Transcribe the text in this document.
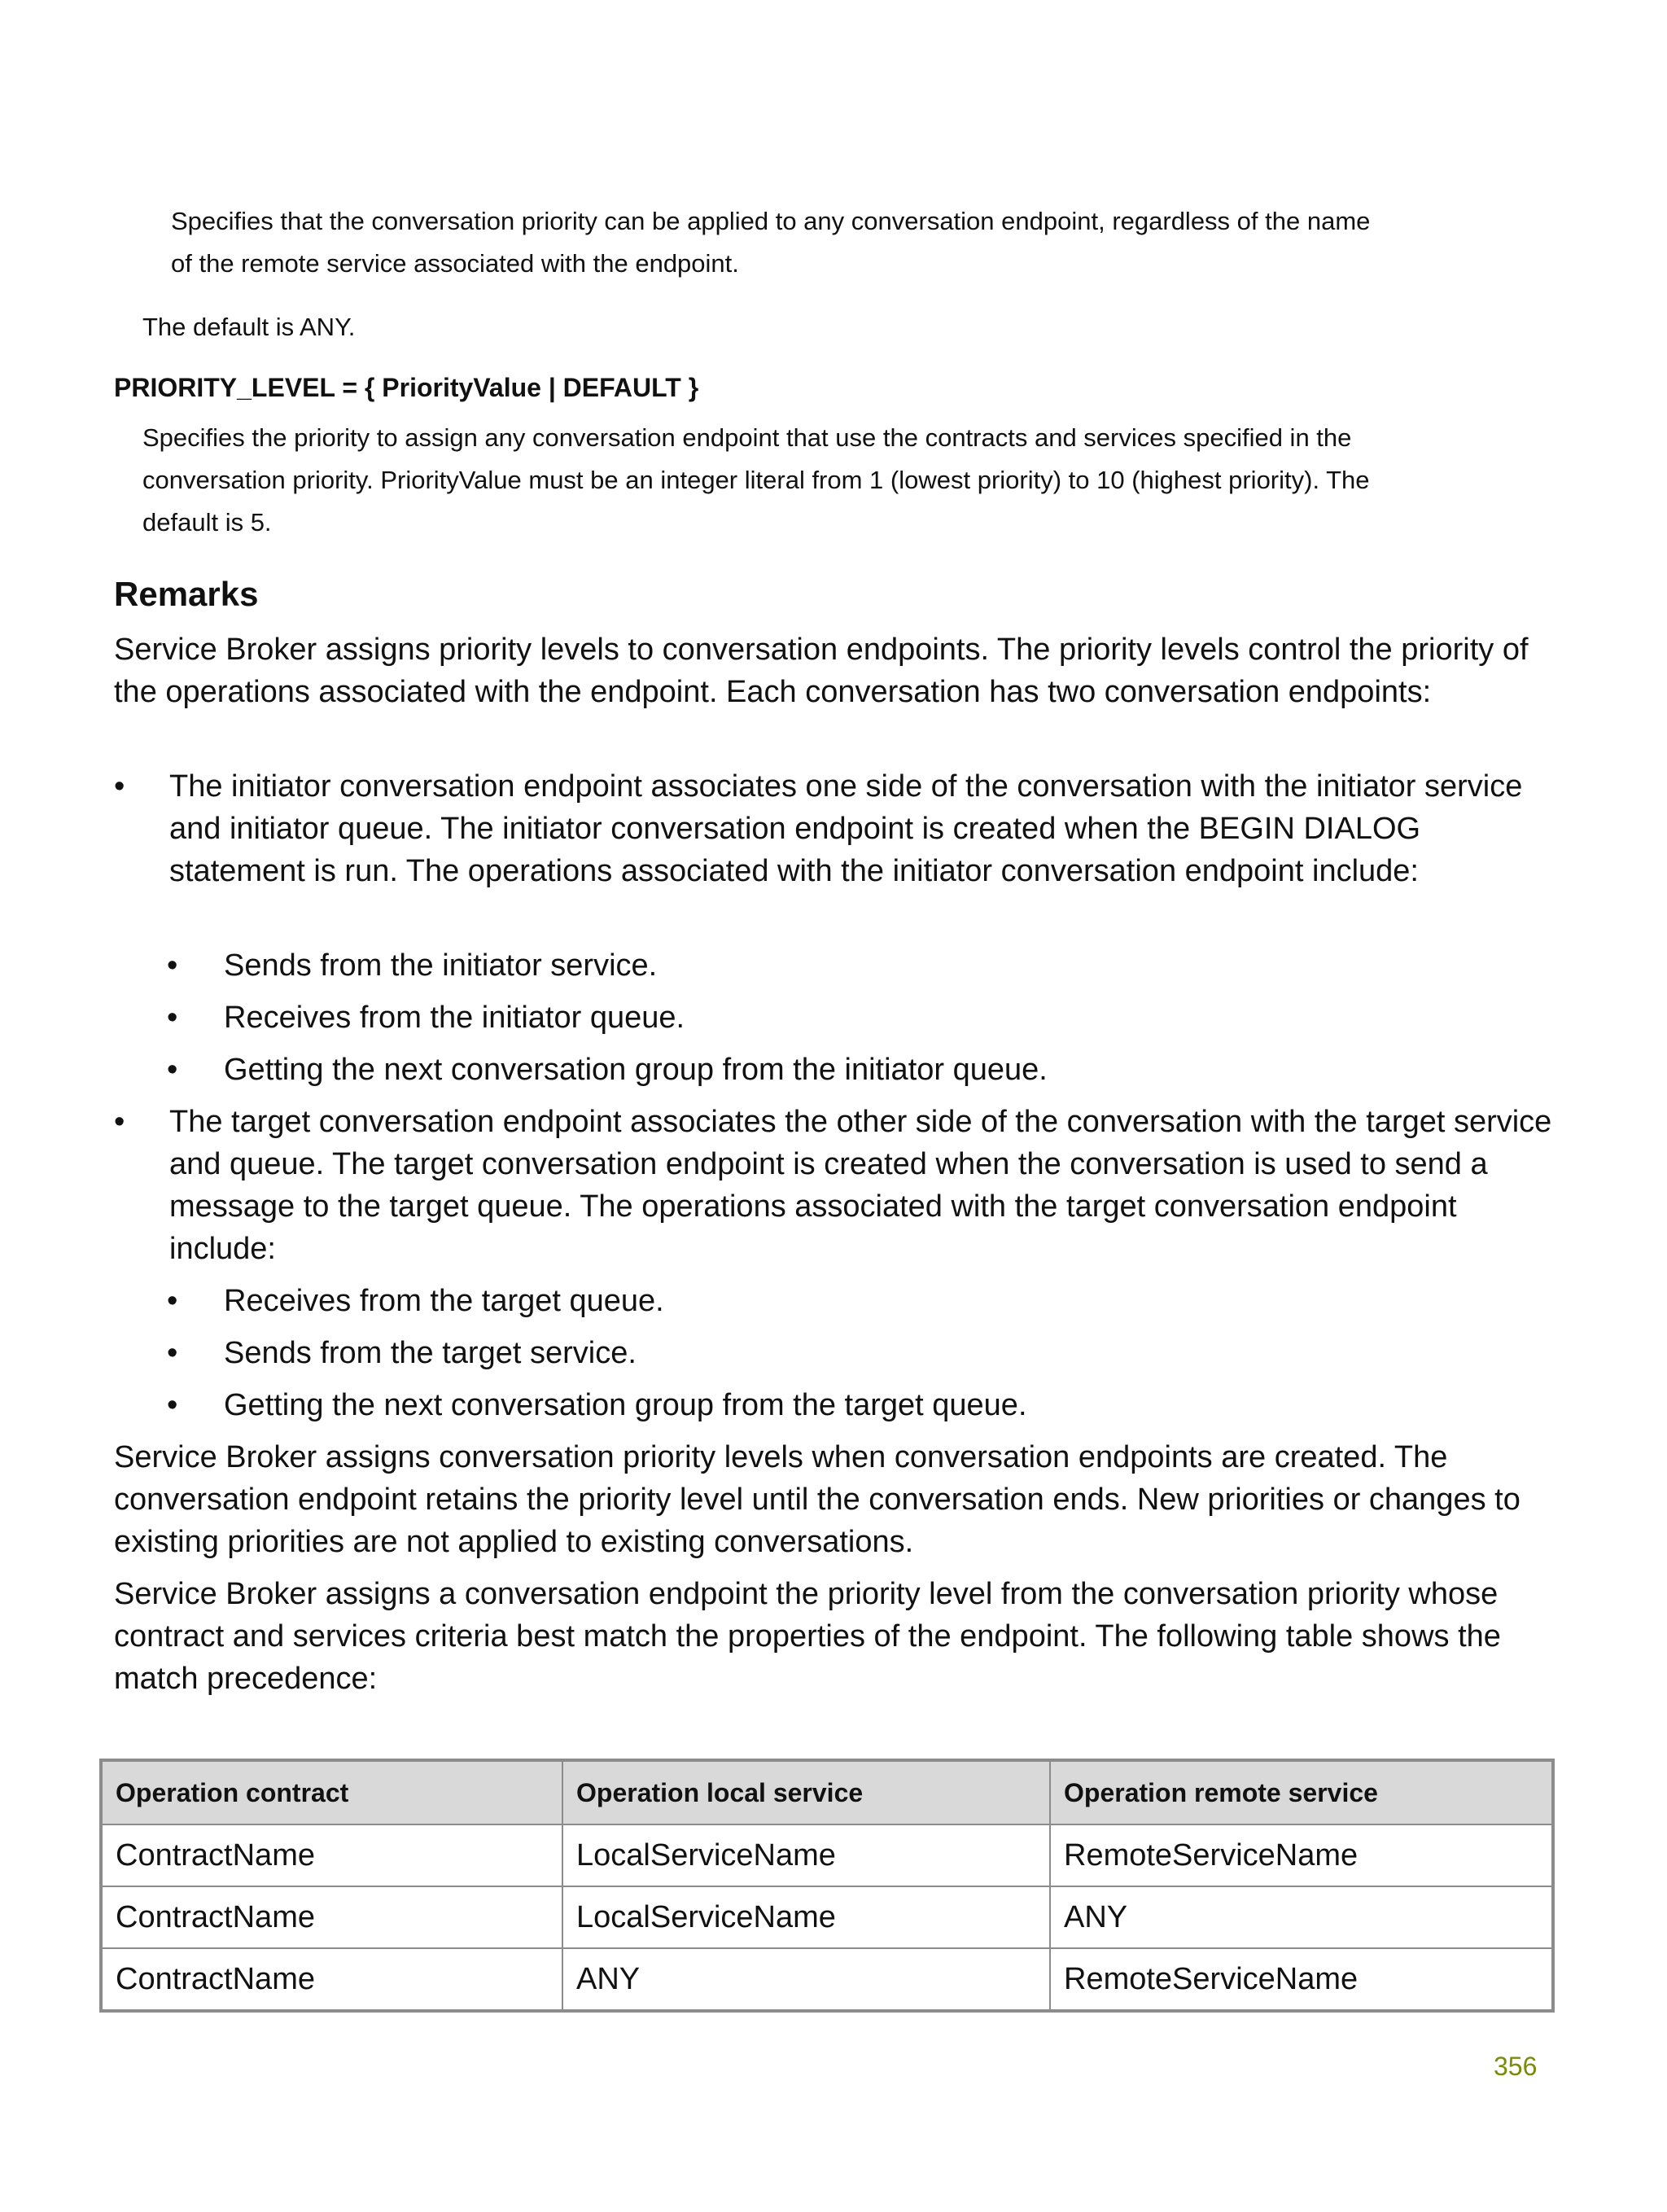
Specifies that the conversation priority can be applied to any conversation endpoint, regardless of the name of the remote service associated with the endpoint.

The default is ANY.

PRIORITY_LEVEL = { PriorityValue | DEFAULT }

Specifies the priority to assign any conversation endpoint that use the contracts and services specified in the conversation priority. PriorityValue must be an integer literal from 1 (lowest priority) to 10 (highest priority). The default is 5.

Remarks

Service Broker assigns priority levels to conversation endpoints. The priority levels control the priority of the operations associated with the endpoint. Each conversation has two conversation endpoints:

• The initiator conversation endpoint associates one side of the conversation with the initiator service and initiator queue. The initiator conversation endpoint is created when the BEGIN DIALOG statement is run. The operations associated with the initiator conversation endpoint include:
• Sends from the initiator service.
• Receives from the initiator queue.
• Getting the next conversation group from the initiator queue.
• The target conversation endpoint associates the other side of the conversation with the target service and queue. The target conversation endpoint is created when the conversation is used to send a message to the target queue. The operations associated with the target conversation endpoint include:
• Receives from the target queue.
• Sends from the target service.
• Getting the next conversation group from the target queue.

Service Broker assigns conversation priority levels when conversation endpoints are created. The conversation endpoint retains the priority level until the conversation ends. New priorities or changes to existing priorities are not applied to existing conversations.

Service Broker assigns a conversation endpoint the priority level from the conversation priority whose contract and services criteria best match the properties of the endpoint. The following table shows the match precedence:

Operation contract	Operation local service	Operation remote service
ContractName	LocalServiceName	RemoteServiceName
ContractName	LocalServiceName	ANY
ContractName	ANY	RemoteServiceName

356
